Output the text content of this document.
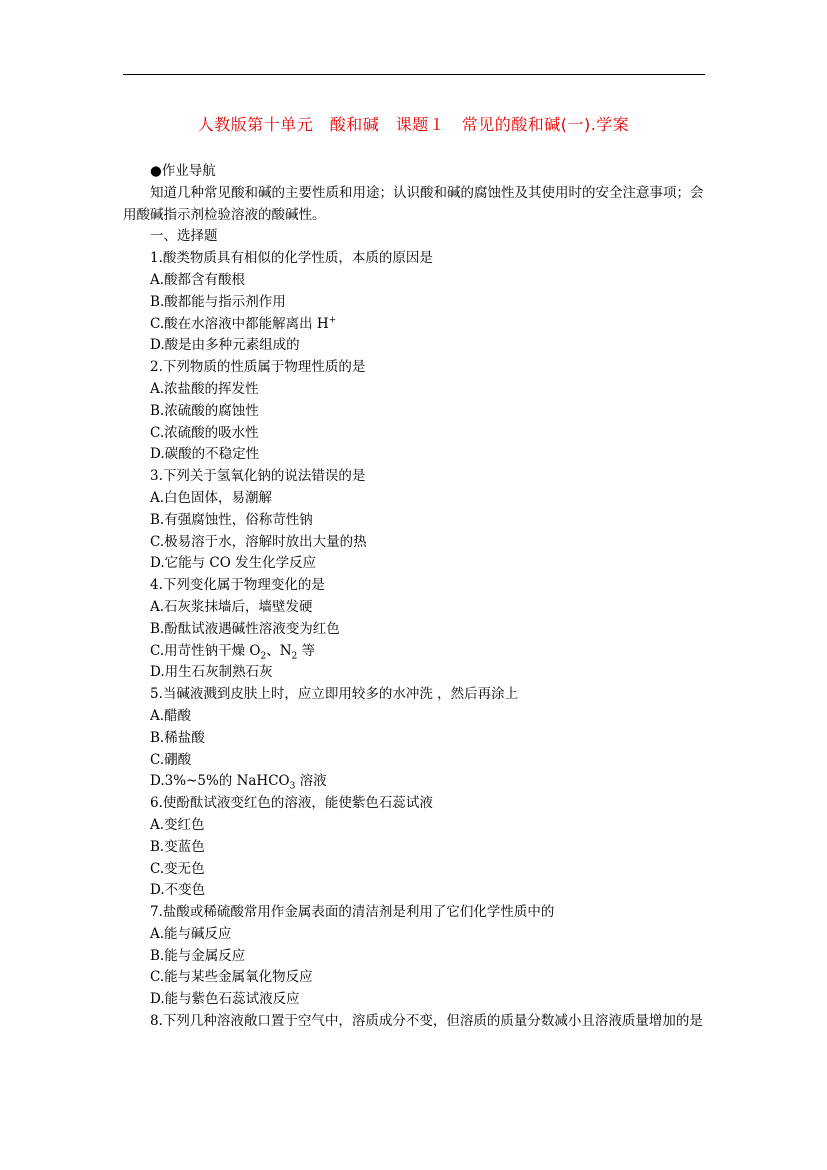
人教版第十单元　酸和碱　课题１　常见的酸和碱(一).学案
●作业导航
知道几种常见酸和碱的主要性质和用途；认识酸和碱的腐蚀性及其使用时的安全注意事项；会用酸碱指示剂检验溶液的酸碱性。
一、选择题
1.酸类物质具有相似的化学性质，本质的原因是
A.酸都含有酸根
B.酸都能与指示剂作用
C.酸在水溶液中都能解离出 H+
D.酸是由多种元素组成的
2.下列物质的性质属于物理性质的是
A.浓盐酸的挥发性
B.浓硫酸的腐蚀性
C.浓硫酸的吸水性
D.碳酸的不稳定性
3.下列关于氢氧化钠的说法错误的是
A.白色固体，易潮解
B.有强腐蚀性，俗称苛性钠
C.极易溶于水，溶解时放出大量的热
D.它能与 CO 发生化学反应
4.下列变化属于物理变化的是
A.石灰浆抹墙后，墙壁发硬
B.酚酞试液遇碱性溶液变为红色
C.用苛性钠干燥 $O_2$、$N_2$ 等
D.用生石灰制熟石灰
5.当碱液溅到皮肤上时，应立即用较多的水冲洗 ，然后再涂上
A.醋酸
B.稀盐酸
C.硼酸
D.3%~5%的 NaHCO$_3$ 溶液
6.使酚酞试液变红色的溶液，能使紫色石蕊试液
A.变红色
B.变蓝色
C.变无色
D.不变色
7.盐酸或稀硫酸常用作金属表面的清洁剂是利用了它们化学性质中的
A.能与碱反应
B.能与金属反应
C.能与某些金属氧化物反应
D.能与紫色石蕊试液反应
8.下列几种溶液敞口置于空气中，溶质成分不变，但溶质的质量分数减小且溶液质量增加的是
